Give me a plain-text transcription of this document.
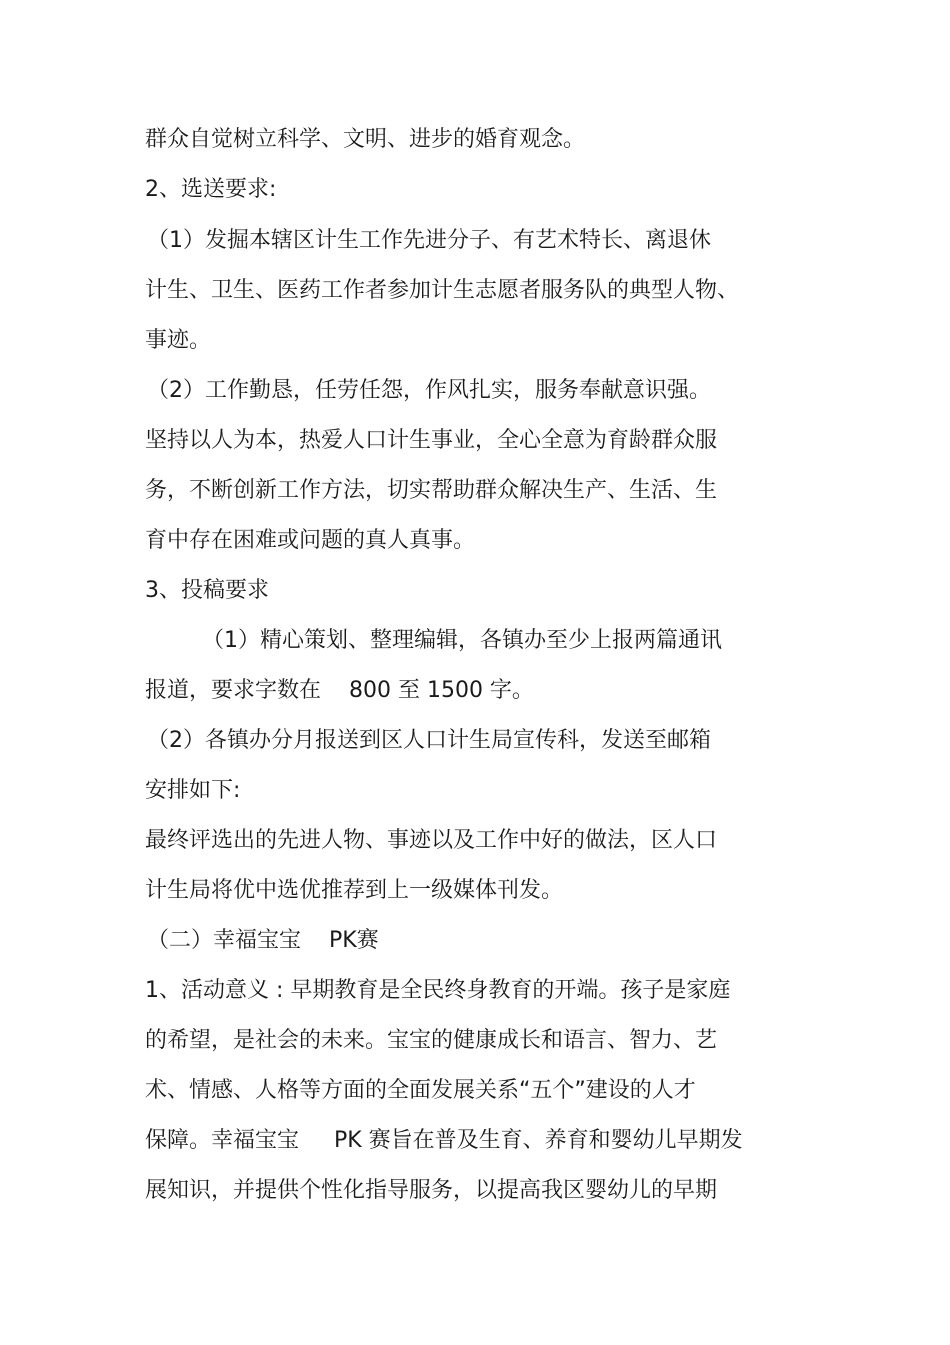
群众自觉树立科学、文明、进步的婚育观念。

2、选送要求:

（1）发掘本辖区计生工作先进分子、有艺术特长、离退休

计生、卫生、医药工作者参加计生志愿者服务队的典型人物、

事迹。

（2）工作勤恳，任劳任怨，作风扎实，服务奉献意识强。

坚持以人为本，热爱人口计生事业，全心全意为育龄群众服

务，不断创新工作方法，切实帮助群众解决生产、生活、生

育中存在困难或问题的真人真事。

3、投稿要求

（1）精心策划、整理编辑，各镇办至少上报两篇通讯

报道，要求字数在    800 至 1500 字。

（2）各镇办分月报送到区人口计生局宣传科，发送至邮箱

安排如下:

最终评选出的先进人物、事迹以及工作中好的做法，区人口

计生局将优中选优推荐到上一级媒体刊发。

（二）幸福宝宝    PK赛

1、活动意义 : 早期教育是全民终身教育的开端。孩子是家庭

的希望，是社会的未来。宝宝的健康成长和语言、智力、艺

术、情感、人格等方面的全面发展关系“五个”建设的人才

保障。幸福宝宝     PK 赛旨在普及生育、养育和婴幼儿早期发

展知识，并提供个性化指导服务，以提高我区婴幼儿的早期
